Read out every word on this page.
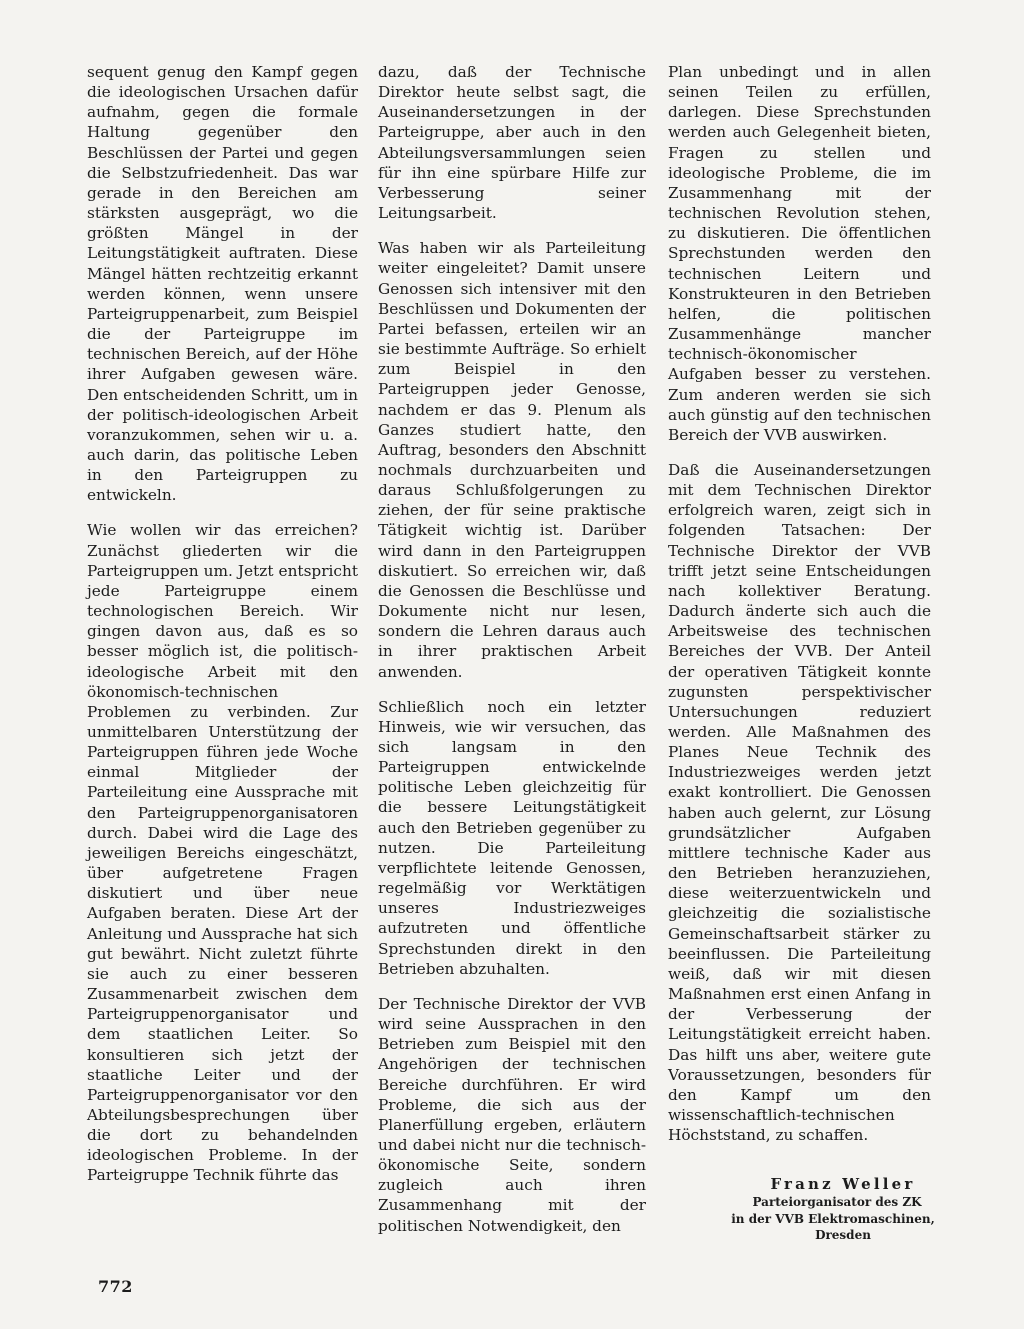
sequent genug den Kampf gegen die ideologischen Ursachen dafür aufnahm, gegen die formale Haltung gegenüber den Beschlüssen der Partei und gegen die Selbstzufriedenheit. Das war gerade in den Bereichen am stärksten ausgeprägt, wo die größten Mängel in der Leitungstätigkeit auftraten. Diese Mängel hätten rechtzeitig erkannt werden können, wenn unsere Parteigruppenarbeit, zum Beispiel die der Parteigruppe im technischen Bereich, auf der Höhe ihrer Aufgaben gewesen wäre. Den entscheidenden Schritt, um in der politisch-ideologischen Arbeit voranzukommen, sehen wir u. a. auch darin, das politische Leben in den Parteigruppen zu entwickeln.

Wie wollen wir das erreichen? Zunächst gliederten wir die Parteigruppen um. Jetzt entspricht jede Parteigruppe einem technologischen Bereich. Wir gingen davon aus, daß es so besser möglich ist, die politisch-ideologische Arbeit mit den ökonomisch-technischen Problemen zu verbinden. Zur unmittelbaren Unterstützung der Parteigruppen führen jede Woche einmal Mitglieder der Parteileitung eine Aussprache mit den Parteigruppenorganisatoren durch. Dabei wird die Lage des jeweiligen Bereichs eingeschätzt, über aufgetretene Fragen diskutiert und über neue Aufgaben beraten. Diese Art der Anleitung und Aussprache hat sich gut bewährt. Nicht zuletzt führte sie auch zu einer besseren Zusammenarbeit zwischen dem Parteigruppenorganisator und dem staatlichen Leiter. So konsultieren sich jetzt der staatliche Leiter und der Parteigruppenorganisator vor den Abteilungsbesprechungen über die dort zu behandelnden ideologischen Probleme. In der Parteigruppe Technik führte das

dazu, daß der Technische Direktor heute selbst sagt, die Auseinandersetzungen in der Parteigruppe, aber auch in den Abteilungsversammlungen seien für ihn eine spürbare Hilfe zur Verbesserung seiner Leitungsarbeit.

Was haben wir als Parteileitung weiter eingeleitet? Damit unsere Genossen sich intensiver mit den Beschlüssen und Dokumenten der Partei befassen, erteilen wir an sie bestimmte Aufträge. So erhielt zum Beispiel in den Parteigruppen jeder Genosse, nachdem er das 9. Plenum als Ganzes studiert hatte, den Auftrag, besonders den Abschnitt nochmals durchzuarbeiten und daraus Schlußfolgerungen zu ziehen, der für seine praktische Tätigkeit wichtig ist. Darüber wird dann in den Parteigruppen diskutiert. So erreichen wir, daß die Genossen die Beschlüsse und Dokumente nicht nur lesen, sondern die Lehren daraus auch in ihrer praktischen Arbeit anwenden.

Schließlich noch ein letzter Hinweis, wie wir versuchen, das sich langsam in den Parteigruppen entwickelnde politische Leben gleichzeitig für die bessere Leitungstätigkeit auch den Betrieben gegenüber zu nutzen. Die Parteileitung verpflichtete leitende Genossen, regelmäßig vor Werktätigen unseres Industriezweiges aufzutreten und öffentliche Sprechstunden direkt in den Betrieben abzuhalten.

Der Technische Direktor der VVB wird seine Aussprachen in den Betrieben zum Beispiel mit den Angehörigen der technischen Bereiche durchführen. Er wird Probleme, die sich aus der Planerfüllung ergeben, erläutern und dabei nicht nur die technisch-ökonomische Seite, sondern zugleich auch ihren Zusammenhang mit der politischen Notwendigkeit, den

Plan unbedingt und in allen seinen Teilen zu erfüllen, darlegen. Diese Sprechstunden werden auch Gelegenheit bieten, Fragen zu stellen und ideologische Probleme, die im Zusammenhang mit der technischen Revolution stehen, zu diskutieren. Die öffentlichen Sprechstunden werden den technischen Leitern und Konstrukteuren in den Betrieben helfen, die politischen Zusammenhänge mancher technisch-ökonomischer Aufgaben besser zu verstehen. Zum anderen werden sie sich auch günstig auf den technischen Bereich der VVB auswirken.

Daß die Auseinandersetzungen mit dem Technischen Direktor erfolgreich waren, zeigt sich in folgenden Tatsachen: Der Technische Direktor der VVB trifft jetzt seine Entscheidungen nach kollektiver Beratung. Dadurch änderte sich auch die Arbeitsweise des technischen Bereiches der VVB. Der Anteil der operativen Tätigkeit konnte zugunsten perspektivischer Untersuchungen reduziert werden. Alle Maßnahmen des Planes Neue Technik des Industriezweiges werden jetzt exakt kontrolliert. Die Genossen haben auch gelernt, zur Lösung grundsätzlicher Aufgaben mittlere technische Kader aus den Betrieben heranzuziehen, diese weiterzuentwickeln und gleichzeitig die sozialistische Gemeinschaftsarbeit stärker zu beeinflussen. Die Parteileitung weiß, daß wir mit diesen Maßnahmen erst einen Anfang in der Verbesserung der Leitungstätigkeit erreicht haben. Das hilft uns aber, weitere gute Voraussetzungen, besonders für den Kampf um den wissenschaftlich-technischen Höchststand, zu schaffen.

Franz Weller
Parteiorganisator des ZK
in der VVB Elektromaschinen,
Dresden
772
